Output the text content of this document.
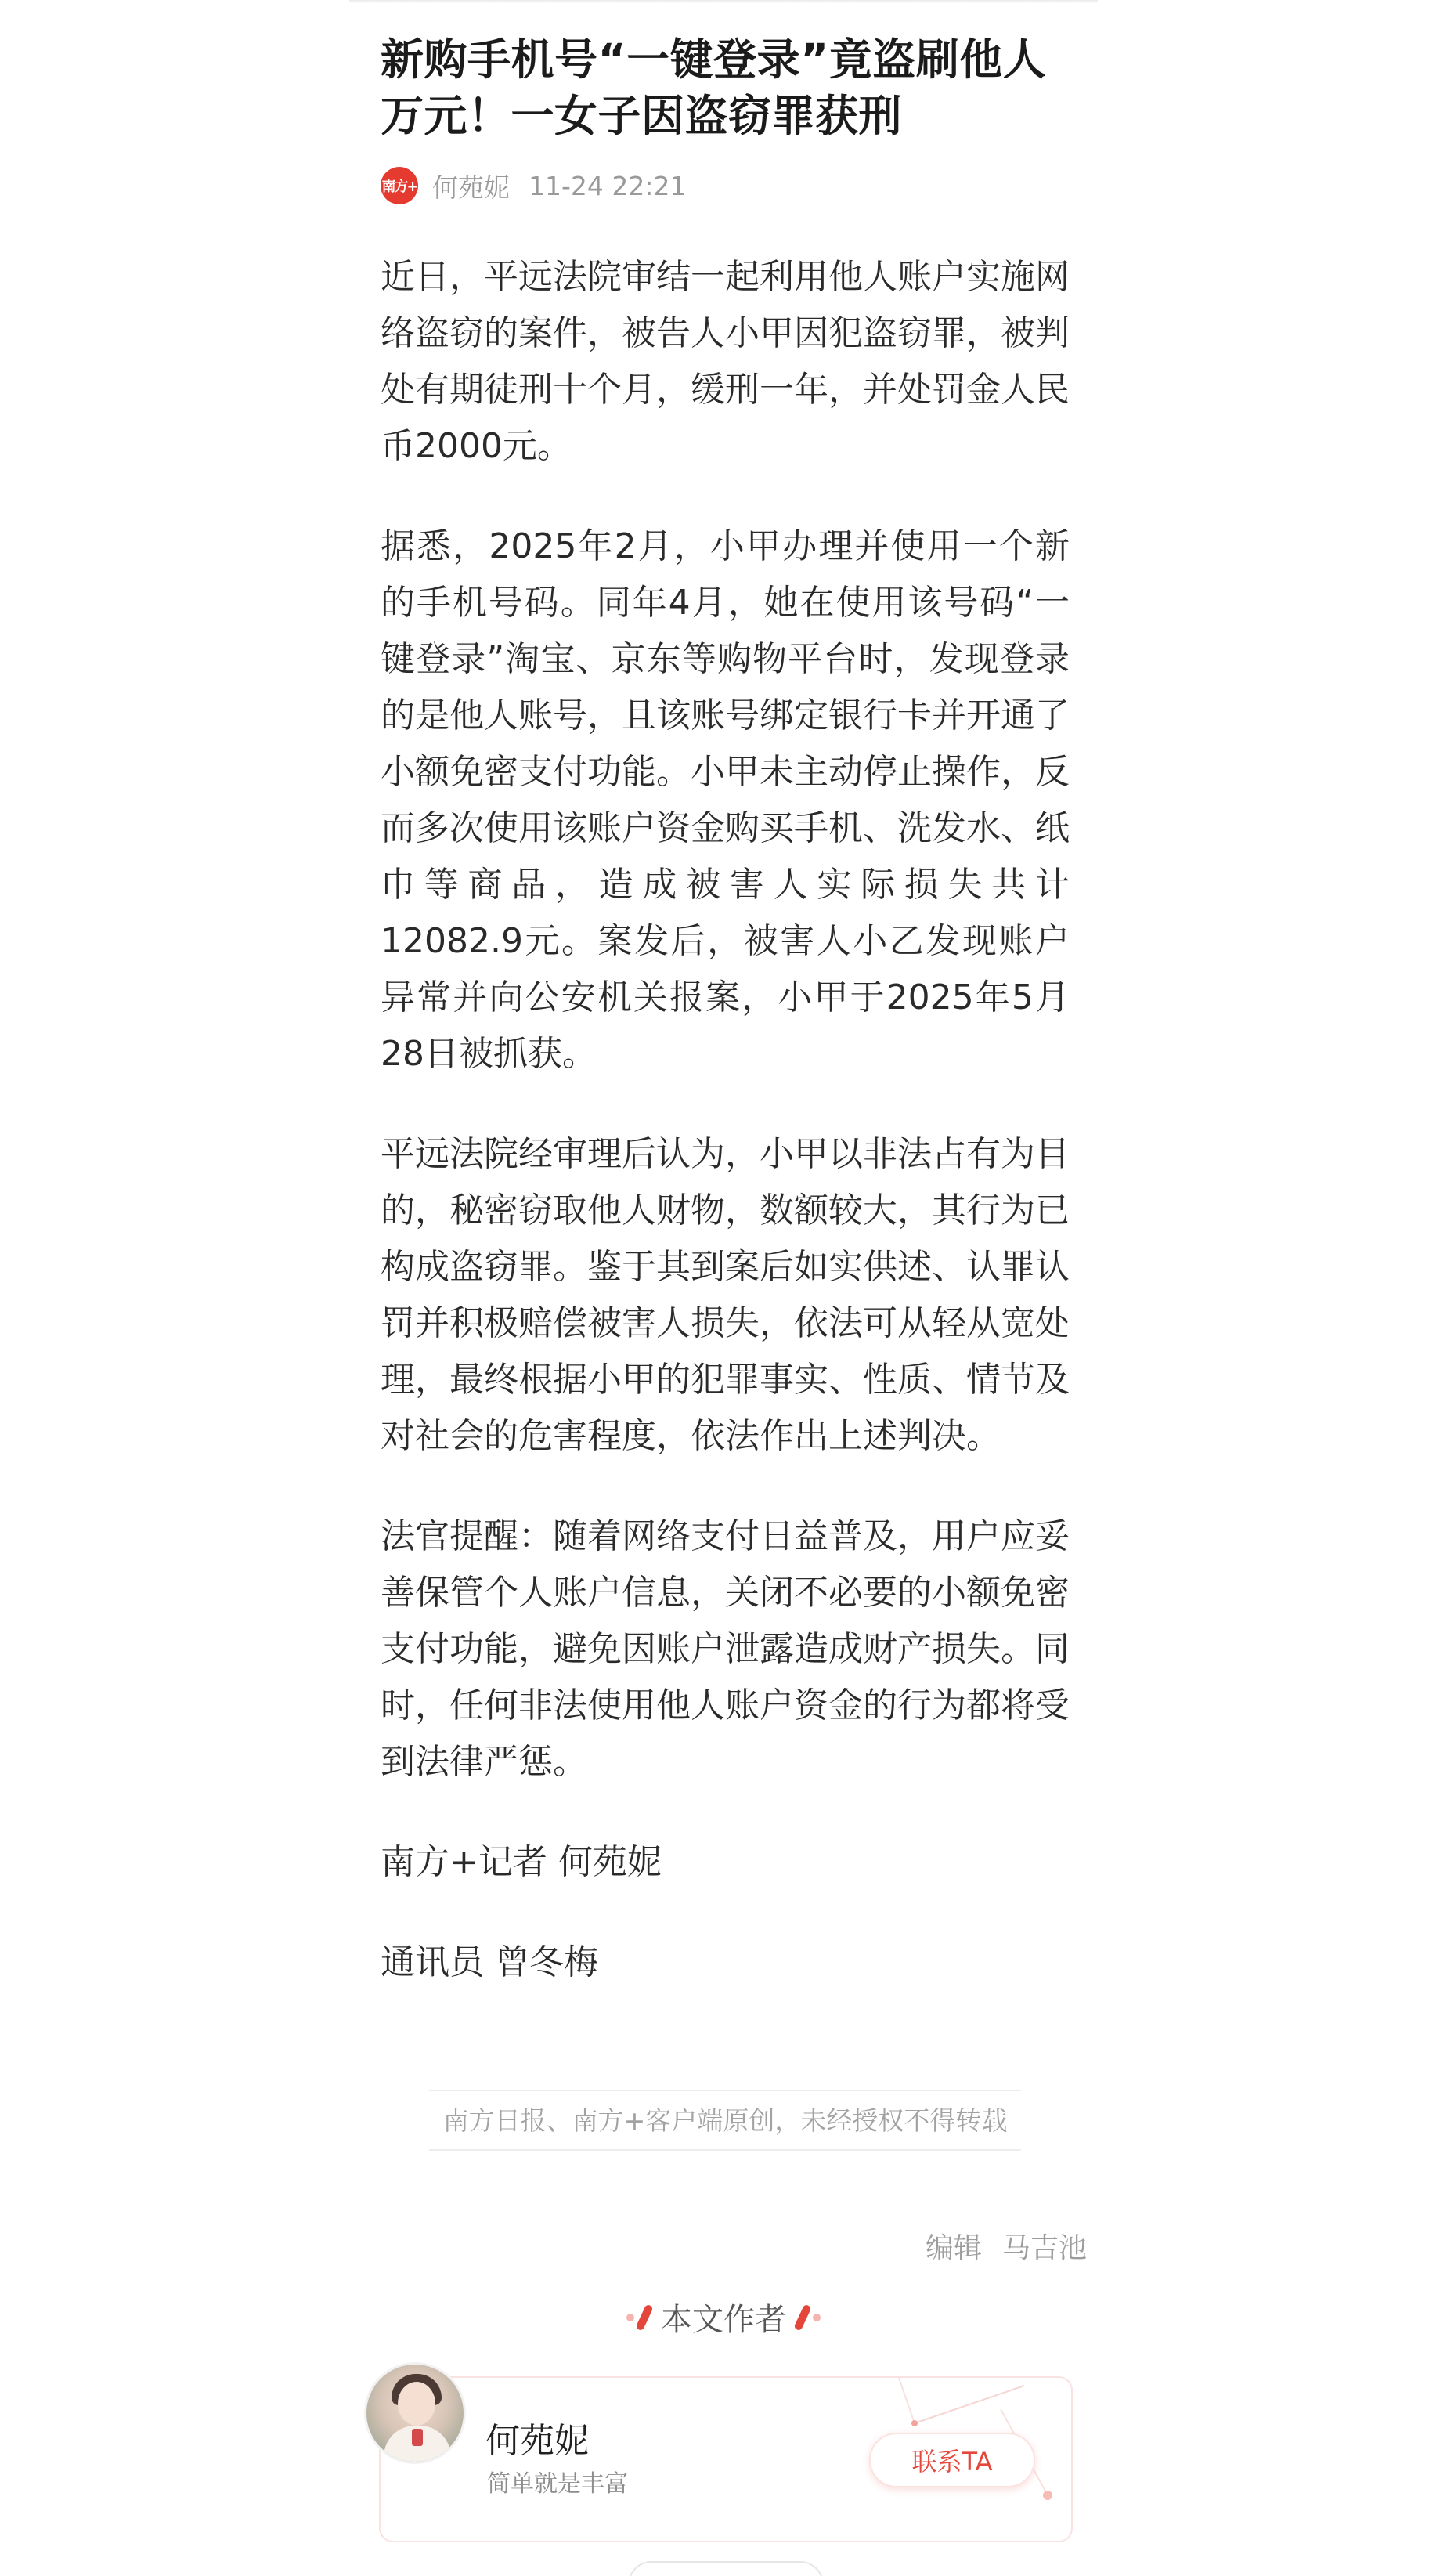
新购手机号“一键登录”竟盗刷他人万元！一女子因盗窃罪获刑
南方+ 何苑妮 11-24 22:21

近日，平远法院审结一起利用他人账户实施网络盗窃的案件，被告人小甲因犯盗窃罪，被判处有期徒刑十个月，缓刑一年，并处罚金人民币2000元。

据悉，2025年2月，小甲办理并使用一个新的手机号码。同年4月，她在使用该号码“一键登录”淘宝、京东等购物平台时，发现登录的是他人账号，且该账号绑定银行卡并开通了小额免密支付功能。小甲未主动停止操作，反而多次使用该账户资金购买手机、洗发水、纸巾等商品，造成被害人实际损失共计12082.9元。案发后，被害人小乙发现账户异常并向公安机关报案，小甲于2025年5月28日被抓获。

平远法院经审理后认为，小甲以非法占有为目的，秘密窃取他人财物，数额较大，其行为已构成盗窃罪。鉴于其到案后如实供述、认罪认罚并积极赔偿被害人损失，依法可从轻从宽处理，最终根据小甲的犯罪事实、性质、情节及对社会的危害程度，依法作出上述判决。

法官提醒：随着网络支付日益普及，用户应妥善保管个人账户信息，关闭不必要的小额免密支付功能，避免因账户泄露造成财产损失。同时，任何非法使用他人账户资金的行为都将受到法律严惩。

南方+记者 何苑妮

通讯员 曾冬梅

南方日报、南方+客户端原创，未经授权不得转载
编辑 马吉池
本文作者
何苑妮
简单就是丰富
联系TA
